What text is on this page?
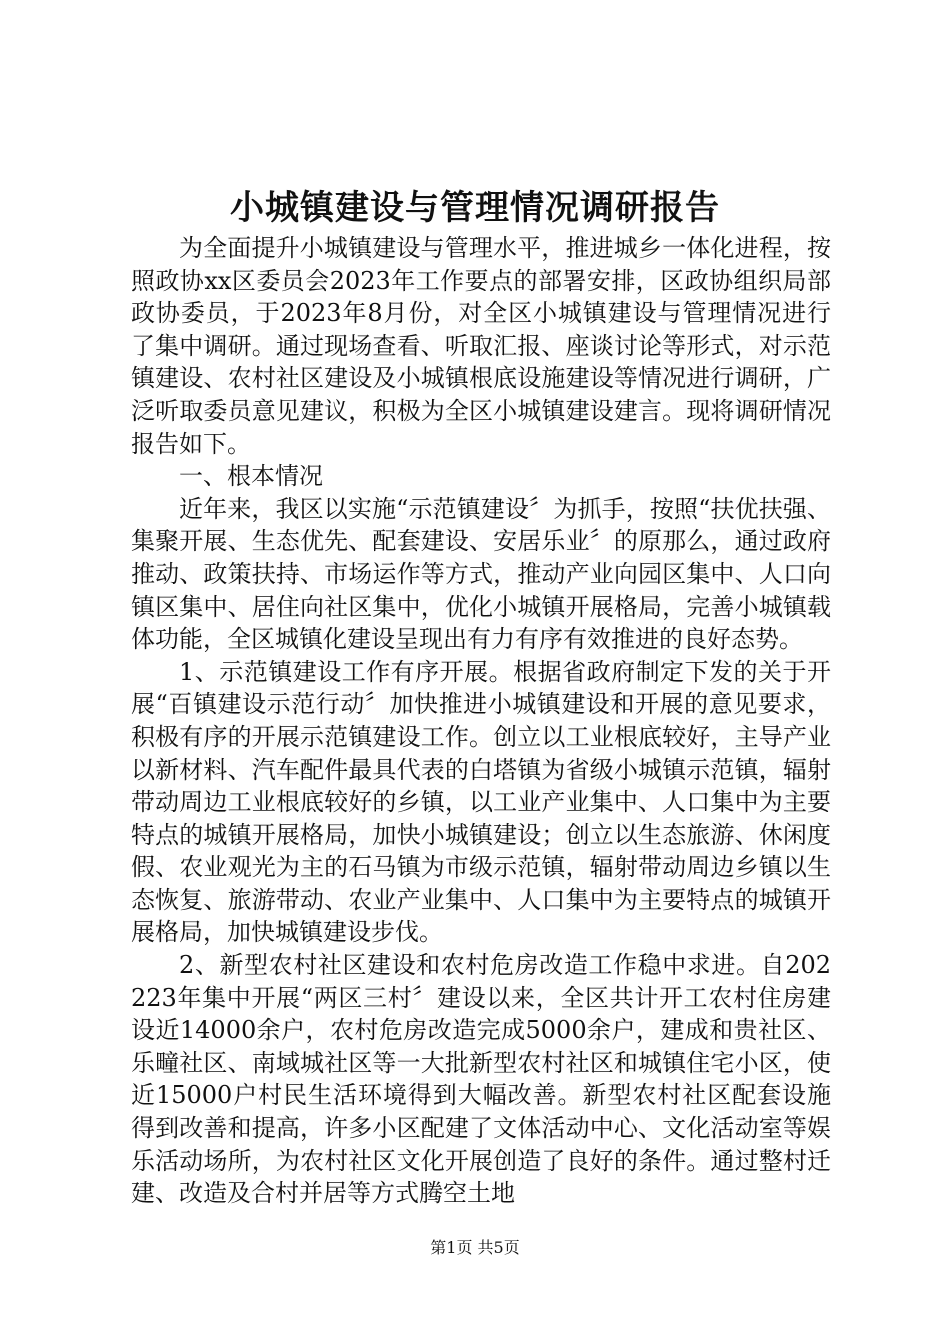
小城镇建设与管理情况调研报告

为全面提升小城镇建设与管理水平，推进城乡一体化进程，按照政协xx区委员会2023年工作要点的部署安排，区政协组织局部政协委员，于2023年8月份，对全区小城镇建设与管理情况进行了集中调研。通过现场查看、听取汇报、座谈讨论等形式，对示范镇建设、农村社区建设及小城镇根底设施建设等情况进行调研，广泛听取委员意见建议，积极为全区小城镇建设建言。现将调研情况报告如下。

一、根本情况

近年来，我区以实施“示范镇建设〞为抓手，按照“扶优扶强、集聚开展、生态优先、配套建设、安居乐业〞的原那么，通过政府推动、政策扶持、市场运作等方式，推动产业向园区集中、人口向镇区集中、居住向社区集中，优化小城镇开展格局，完善小城镇载体功能，全区城镇化建设呈现出有力有序有效推进的良好态势。

1、示范镇建设工作有序开展。根据省政府制定下发的关于开展“百镇建设示范行动〞加快推进小城镇建设和开展的意见要求，积极有序的开展示范镇建设工作。创立以工业根底较好，主导产业以新材料、汽车配件最具代表的白塔镇为省级小城镇示范镇，辐射带动周边工业根底较好的乡镇，以工业产业集中、人口集中为主要特点的城镇开展格局，加快小城镇建设；创立以生态旅游、休闲度假、农业观光为主的石马镇为市级示范镇，辐射带动周边乡镇以生态恢复、旅游带动、农业产业集中、人口集中为主要特点的城镇开展格局，加快城镇建设步伐。

2、新型农村社区建设和农村危房改造工作稳中求进。自202223年集中开展“两区三村〞建设以来，全区共计开工农村住房建设近14000余户，农村危房改造完成5000余户，建成和贵社区、乐疃社区、南域城社区等一大批新型农村社区和城镇住宅小区，使近15000户村民生活环境得到大幅改善。新型农村社区配套设施得到改善和提高，许多小区配建了文体活动中心、文化活动室等娱乐活动场所，为农村社区文化开展创造了良好的条件。通过整村迁建、改造及合村并居等方式腾空土地

第1页 共5页
